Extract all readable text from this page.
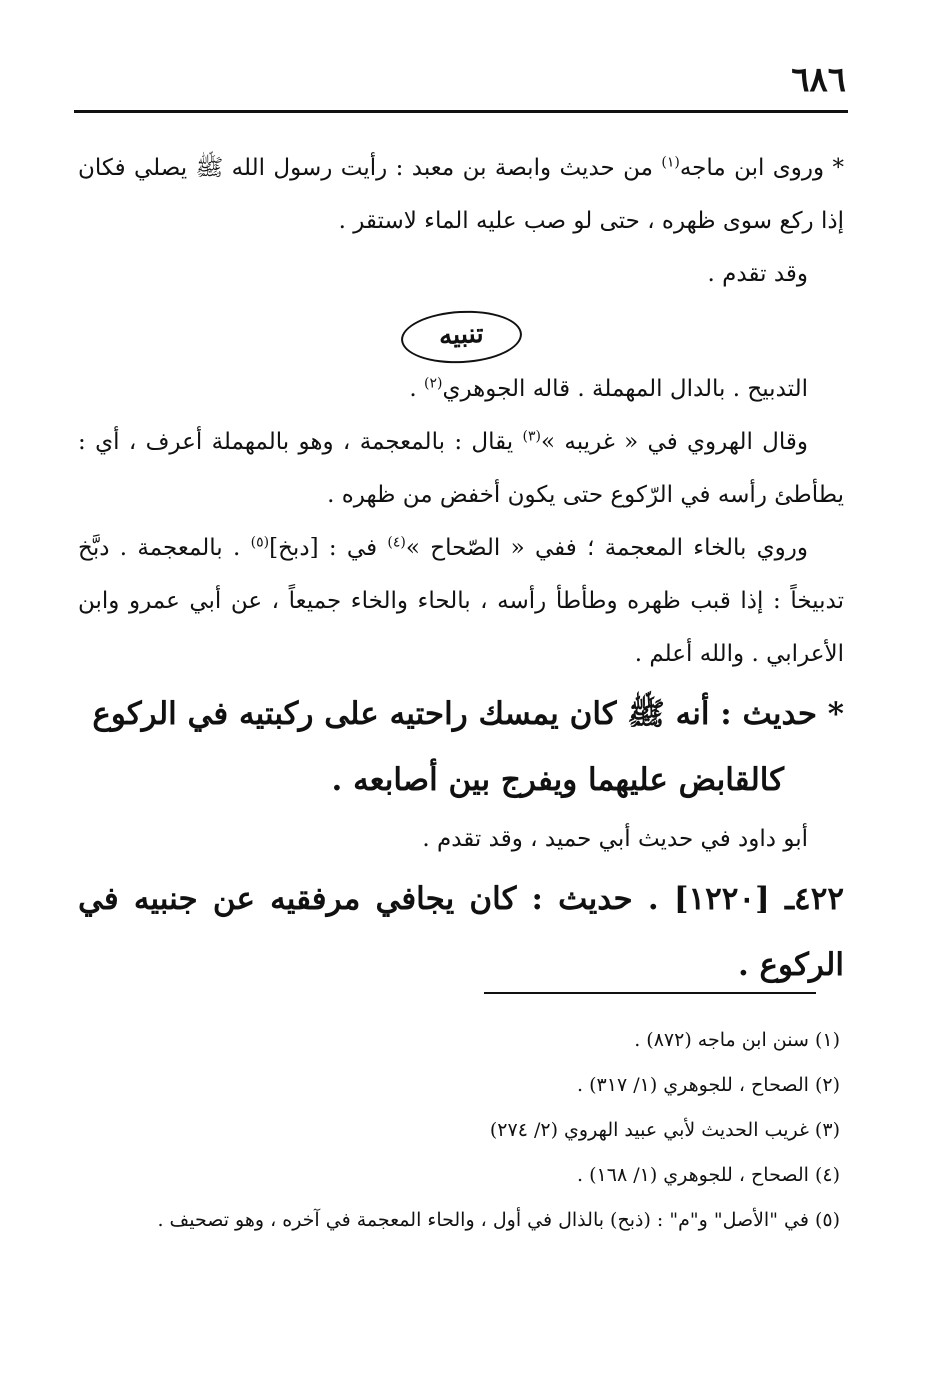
٦٨٦

* وروى ابن ماجه$^{(١)}$ من حديث وابصة بن معبد : رأيت رسول الله ﷺ يصلي فكان إذا ركع سوى ظهره ، حتى لو صب عليه الماء لاستقر .

وقد تقدم .

تنبيه

التدبيح . بالدال المهملة . قاله الجوهري$^{(٢)}$ .

وقال الهروي في « غريبه »$^{(٣)}$ يقال : بالمعجمة ، وهو بالمهملة أعرف ، أي : يطأطئ رأسه في الرّكوع حتى يكون أخفض من ظهره .

وروي بالخاء المعجمة ؛ ففي « الصّحاح »$^{(٤)}$ في : [دبخ]$^{(٥)}$ . بالمعجمة . دبَّخ تدبيخاً : إذا قبب ظهره وطأطأ رأسه ، بالحاء والخاء جميعاً ، عن أبي عمرو وابن الأعرابي . والله أعلم .

* حديث : أنه ﷺ كان يمسك راحتيه على ركبتيه في الركوع
كالقابض عليهما ويفرج بين أصابعه .

أبو داود في حديث أبي حميد ، وقد تقدم .

٤٢٢ـ [١٢٢٠] . حديث : كان يجافي مرفقيه عن جنبيه في الركوع .

(١) سنن ابن ماجه (٨٧٢) .
(٢) الصحاح ، للجوهري (١/ ٣١٧) .
(٣) غريب الحديث لأبي عبيد الهروي (٢/ ٢٧٤)
(٤) الصحاح ، للجوهري (١/ ١٦٨) .
(٥) في "الأصل" و"م" : (ذبح) بالذال في أول ، والحاء المعجمة في آخره ، وهو تصحيف .
